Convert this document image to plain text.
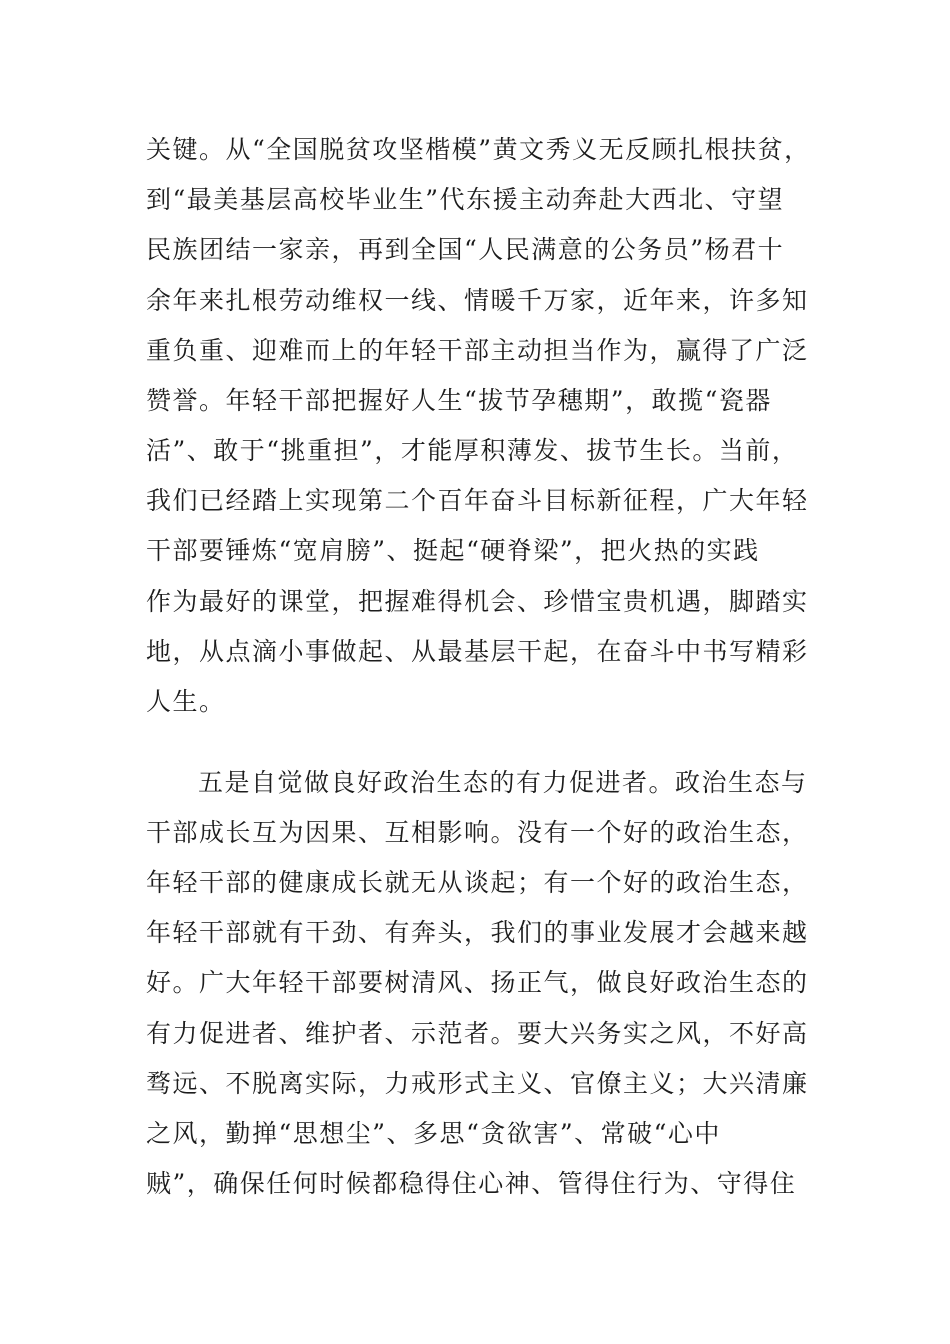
关键。从“全国脱贫攻坚楷模”黄文秀义无反顾扎根扶贫，
到“最美基层高校毕业生”代东援主动奔赴大西北、守望
民族团结一家亲，再到全国“人民满意的公务员”杨君十
余年来扎根劳动维权一线、情暖千万家，近年来，许多知
重负重、迎难而上的年轻干部主动担当作为，赢得了广泛
赞誉。年轻干部把握好人生“拔节孕穗期”，敢揽“瓷器
活”、敢于“挑重担”，才能厚积薄发、拔节生长。当前，
我们已经踏上实现第二个百年奋斗目标新征程，广大年轻
干部要锤炼“宽肩膀”、挺起“硬脊梁”，把火热的实践
作为最好的课堂，把握难得机会、珍惜宝贵机遇，脚踏实
地，从点滴小事做起、从最基层干起，在奋斗中书写精彩
人生。
五是自觉做良好政治生态的有力促进者。政治生态与
干部成长互为因果、互相影响。没有一个好的政治生态，
年轻干部的健康成长就无从谈起；有一个好的政治生态，
年轻干部就有干劲、有奔头，我们的事业发展才会越来越
好。广大年轻干部要树清风、扬正气，做良好政治生态的
有力促进者、维护者、示范者。要大兴务实之风，不好高
骛远、不脱离实际，力戒形式主义、官僚主义；大兴清廉
之风，勤掸“思想尘”、多思“贪欲害”、常破“心中
贼”，确保任何时候都稳得住心神、管得住行为、守得住
